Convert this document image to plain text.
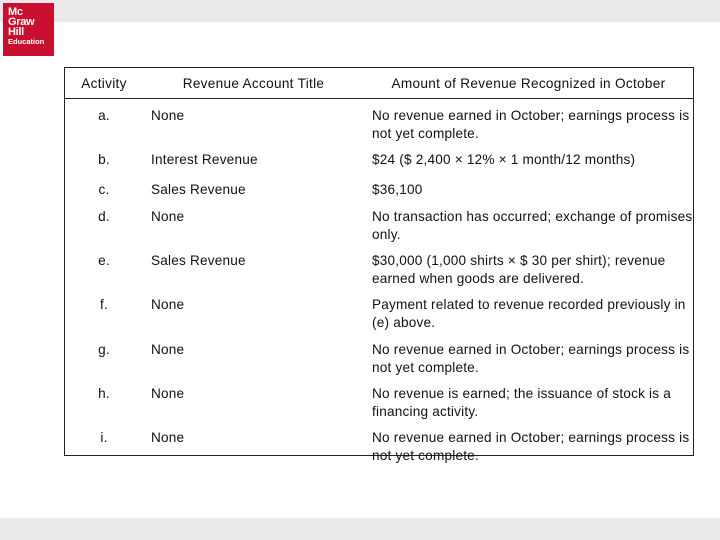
Mc
Graw
Hill
Education
Activity	Revenue Account Title	Amount of Revenue Recognized in October
a.	None	No revenue earned in October; earnings process is not yet complete.
b.	Interest Revenue	$24 ($ 2,400 × 12% × 1 month/12 months)
c.	Sales Revenue	$36,100
d.	None	No transaction has occurred; exchange of promises only.
e.	Sales Revenue	$30,000 (1,000 shirts × $ 30 per shirt); revenue earned when goods are delivered.
f.	None	Payment related to revenue recorded previously in (e) above.
g.	None	No revenue earned in October; earnings process is not yet complete.
h.	None	No revenue is earned; the issuance of stock is a financing activity.
i.	None	No revenue earned in October; earnings process is not yet complete.
